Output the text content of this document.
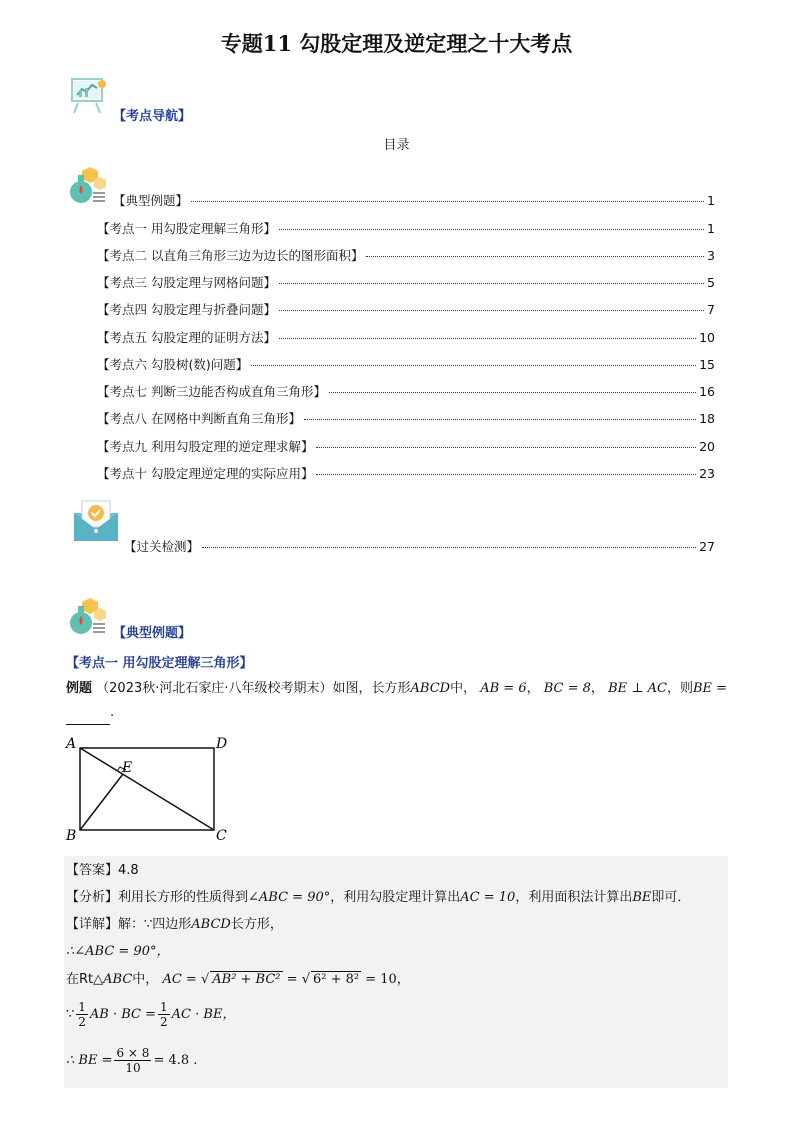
专题11 勾股定理及逆定理之十大考点
【考点导航】
目录
【典型例题】	1
【考点一 用勾股定理解三角形】	1
【考点二 以直角三角形三边为边长的图形面积】	3
【考点三 勾股定理与网格问题】	5
【考点四 勾股定理与折叠问题】	7
【考点五 勾股定理的证明方法】	10
【考点六 勾股树(数)问题】	15
【考点七 判断三边能否构成直角三角形】	16
【考点八 在网格中判断直角三角形】	18
【考点九 利用勾股定理的逆定理求解】	20
【考点十 勾股定理逆定理的实际应用】	23
【过关检测】	27
【典型例题】
【考点一 用勾股定理解三角形】
例题 （2023秋·河北石家庄·八年级校考期末）如图，长方形ABCD中， AB = 6， BC = 8， BE ⊥ AC，则BE =
.
A	D
B	C
E
【答案】4.8
【分析】利用长方形的性质得到∠ABC = 90°，利用勾股定理计算出AC = 10，利用面积法计算出BE即可．
【详解】解：∵四边形ABCD长方形，
∴∠ABC = 90°，
在Rt△ABC中， AC = √ AB² + BC² = √ 6² + 8² = 10，
∵ $\frac{1}{2}$ AB · BC = $\frac{1}{2}$ AC · BE，
∴ BE = $\frac{6 \times 8}{10} = 4.8$ .
